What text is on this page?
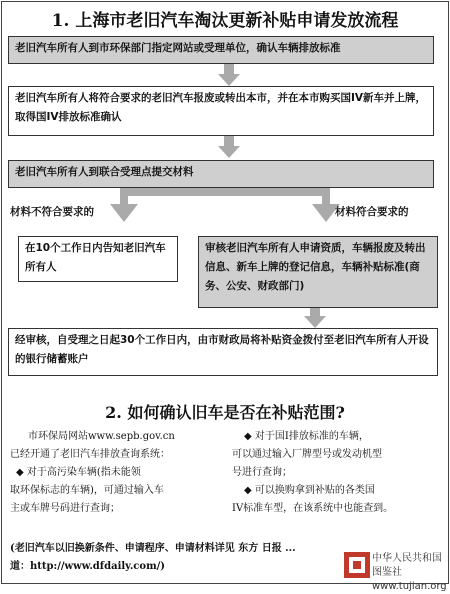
1. 上海市老旧汽车淘汰更新补贴申请发放流程
老旧汽车所有人到市环保部门指定网站或受理单位，确认车辆排放标准
老旧汽车所有人将符合要求的老旧汽车报废或转出本市，并在本市购买国IV新车并上牌，取得国IV排放标准确认
老旧汽车所有人到联合受理点提交材料
材料不符合要求的	材料符合要求的
在10个工作日内告知老旧汽车所有人
审核老旧汽车所有人申请资质，车辆报废及转出信息、新车上牌的登记信息，车辆补贴标准(商务、公安、财政部门)
经审核，自受理之日起30个工作日内，由市财政局将补贴资金拨付至老旧汽车所有人开设的银行储蓄账户
2. 如何确认旧车是否在补贴范围?
市环保局网站www.sepb.gov.cn
已经开通了老旧汽车排放查询系统：
◆ 对于高污染车辆(指未能领
取环保标志的车辆)，可通过输入车
主或车牌号码进行查询；
◆ 对于国I排放标准的车辆，
可以通过输入厂牌型号或发动机型
号进行查询；
◆ 可以换购拿到补贴的各类国
IV标准车型，在该系统中也能查到。
(老旧汽车以旧换新条件、申请程序、申请材料详见 东方 日报 ...
道：http://www.dfdaily.com/)
中华人民共和国图鉴社
www.tujian.org
